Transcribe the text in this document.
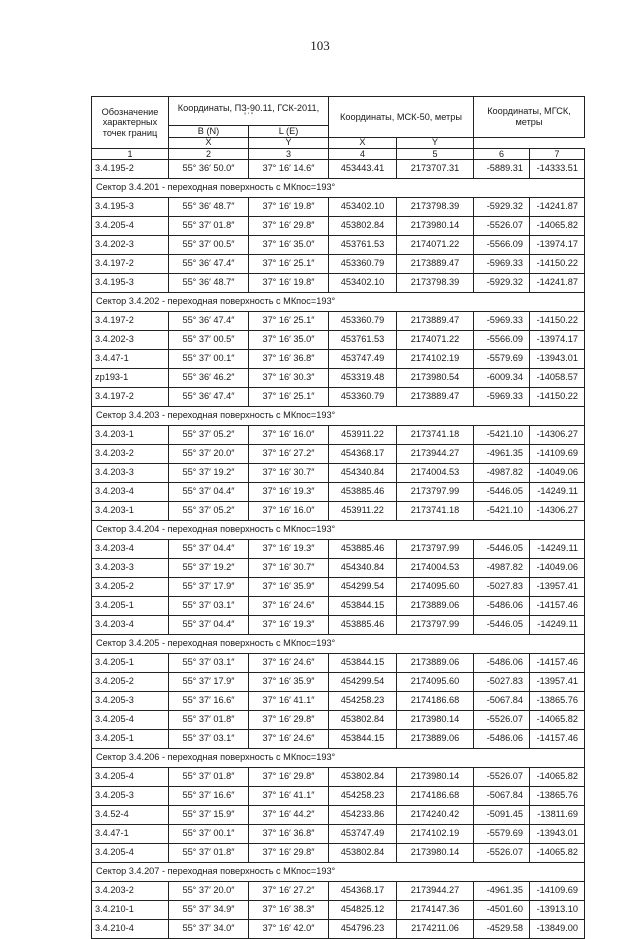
103
Обозначение характерных точек границ	Координаты, ПЗ-90.11, ГСК-2011,
° ′ ″		Координаты, МСК-50, метры		Координаты, МГСК, метры	
	B (N)	L (E)				
	X	Y	X	Y		
1	2	3	4	5	6	7
3.4.195-2	55° 36′ 50.0″	37° 16′ 14.6″	453443.41	2173707.31	-5889.31	-14333.51
Сектор 3.4.201 - переходная поверхность с МКпос=193°						
3.4.195-3	55° 36′ 48.7″	37° 16′ 19.8″	453402.10	2173798.39	-5929.32	-14241.87
3.4.205-4	55° 37′ 01.8″	37° 16′ 29.8″	453802.84	2173980.14	-5526.07	-14065.82
3.4.202-3	55° 37′ 00.5″	37° 16′ 35.0″	453761.53	2174071.22	-5566.09	-13974.17
3.4.197-2	55° 36′ 47.4″	37° 16′ 25.1″	453360.79	2173889.47	-5969.33	-14150.22
3.4.195-3	55° 36′ 48.7″	37° 16′ 19.8″	453402.10	2173798.39	-5929.32	-14241.87
Сектор 3.4.202 - переходная поверхность с МКпос=193°						
3.4.197-2	55° 36′ 47.4″	37° 16′ 25.1″	453360.79	2173889.47	-5969.33	-14150.22
3.4.202-3	55° 37′ 00.5″	37° 16′ 35.0″	453761.53	2174071.22	-5566.09	-13974.17
3.4.47-1	55° 37′ 00.1″	37° 16′ 36.8″	453747.49	2174102.19	-5579.69	-13943.01
zp193-1	55° 36′ 46.2″	37° 16′ 30.3″	453319.48	2173980.54	-6009.34	-14058.57
3.4.197-2	55° 36′ 47.4″	37° 16′ 25.1″	453360.79	2173889.47	-5969.33	-14150.22
Сектор 3.4.203 - переходная поверхность с МКпос=193°						
3.4.203-1	55° 37′ 05.2″	37° 16′ 16.0″	453911.22	2173741.18	-5421.10	-14306.27
3.4.203-2	55° 37′ 20.0″	37° 16′ 27.2″	454368.17	2173944.27	-4961.35	-14109.69
3.4.203-3	55° 37′ 19.2″	37° 16′ 30.7″	454340.84	2174004.53	-4987.82	-14049.06
3.4.203-4	55° 37′ 04.4″	37° 16′ 19.3″	453885.46	2173797.99	-5446.05	-14249.11
3.4.203-1	55° 37′ 05.2″	37° 16′ 16.0″	453911.22	2173741.18	-5421.10	-14306.27
Сектор 3.4.204 - переходная поверхность с МКпос=193°						
3.4.203-4	55° 37′ 04.4″	37° 16′ 19.3″	453885.46	2173797.99	-5446.05	-14249.11
3.4.203-3	55° 37′ 19.2″	37° 16′ 30.7″	454340.84	2174004.53	-4987.82	-14049.06
3.4.205-2	55° 37′ 17.9″	37° 16′ 35.9″	454299.54	2174095.60	-5027.83	-13957.41
3.4.205-1	55° 37′ 03.1″	37° 16′ 24.6″	453844.15	2173889.06	-5486.06	-14157.46
3.4.203-4	55° 37′ 04.4″	37° 16′ 19.3″	453885.46	2173797.99	-5446.05	-14249.11
Сектор 3.4.205 - переходная поверхность с МКпос=193°						
3.4.205-1	55° 37′ 03.1″	37° 16′ 24.6″	453844.15	2173889.06	-5486.06	-14157.46
3.4.205-2	55° 37′ 17.9″	37° 16′ 35.9″	454299.54	2174095.60	-5027.83	-13957.41
3.4.205-3	55° 37′ 16.6″	37° 16′ 41.1″	454258.23	2174186.68	-5067.84	-13865.76
3.4.205-4	55° 37′ 01.8″	37° 16′ 29.8″	453802.84	2173980.14	-5526.07	-14065.82
3.4.205-1	55° 37′ 03.1″	37° 16′ 24.6″	453844.15	2173889.06	-5486.06	-14157.46
Сектор 3.4.206 - переходная поверхность с МКпос=193°						
3.4.205-4	55° 37′ 01.8″	37° 16′ 29.8″	453802.84	2173980.14	-5526.07	-14065.82
3.4.205-3	55° 37′ 16.6″	37° 16′ 41.1″	454258.23	2174186.68	-5067.84	-13865.76
3.4.52-4	55° 37′ 15.9″	37° 16′ 44.2″	454233.86	2174240.42	-5091.45	-13811.69
3.4.47-1	55° 37′ 00.1″	37° 16′ 36.8″	453747.49	2174102.19	-5579.69	-13943.01
3.4.205-4	55° 37′ 01.8″	37° 16′ 29.8″	453802.84	2173980.14	-5526.07	-14065.82
Сектор 3.4.207 - переходная поверхность с МКпос=193°						
3.4.203-2	55° 37′ 20.0″	37° 16′ 27.2″	454368.17	2173944.27	-4961.35	-14109.69
3.4.210-1	55° 37′ 34.9″	37° 16′ 38.3″	454825.12	2174147.36	-4501.60	-13913.10
3.4.210-4	55° 37′ 34.0″	37° 16′ 42.0″	454796.23	2174211.06	-4529.58	-13849.00
